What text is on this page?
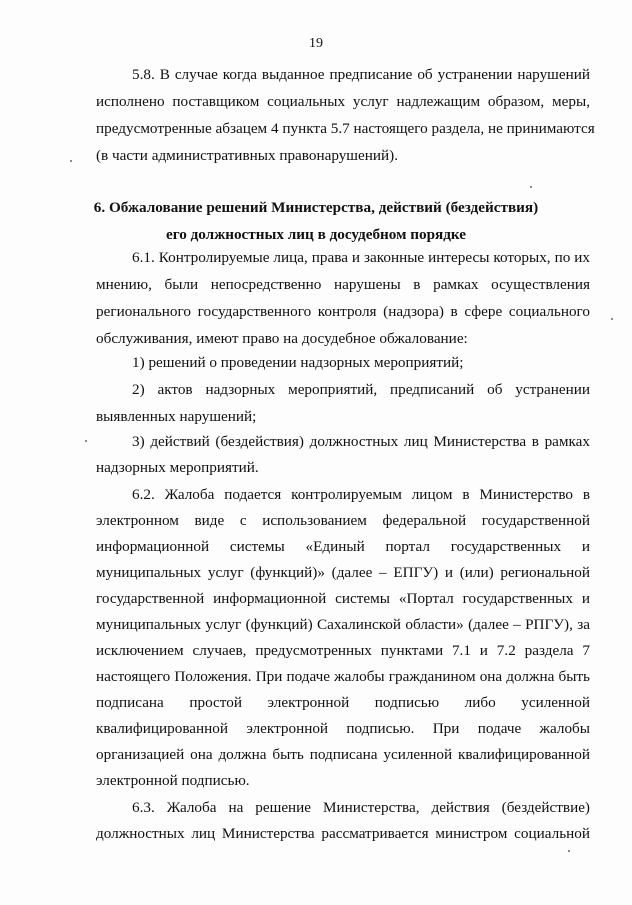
19
5.8. В случае когда выданное предписание об устранении нарушений
исполнено поставщиком социальных услуг надлежащим образом, меры,
предусмотренные абзацем 4 пункта 5.7 настоящего раздела, не принимаются
(в части административных правонарушений).
6. Обжалование решений Министерства, действий (бездействия)
его должностных лиц в досудебном порядке
6.1. Контролируемые лица, права и законные интересы которых, по их
мнению, были непосредственно нарушены в рамках осуществления
регионального государственного контроля (надзора) в сфере социального
обслуживания, имеют право на досудебное обжалование:
1) решений о проведении надзорных мероприятий;
2) актов надзорных мероприятий, предписаний об устранении
выявленных нарушений;
3) действий (бездействия) должностных лиц Министерства в рамках
надзорных мероприятий.
6.2. Жалоба подается контролируемым лицом в Министерство в
электронном виде с использованием федеральной государственной
информационной системы «Единый портал государственных и
муниципальных услуг (функций)» (далее – ЕПГУ) и (или) региональной
государственной информационной системы «Портал государственных и
муниципальных услуг (функций) Сахалинской области» (далее – РПГУ), за
исключением случаев, предусмотренных пунктами 7.1 и 7.2 раздела 7
настоящего Положения. При подаче жалобы гражданином она должна быть
подписана простой электронной подписью либо усиленной
квалифицированной электронной подписью. При подаче жалобы
организацией она должна быть подписана усиленной квалифицированной
электронной подписью.
6.3. Жалоба на решение Министерства, действия (бездействие)
должностных лиц Министерства рассматривается министром социальной
